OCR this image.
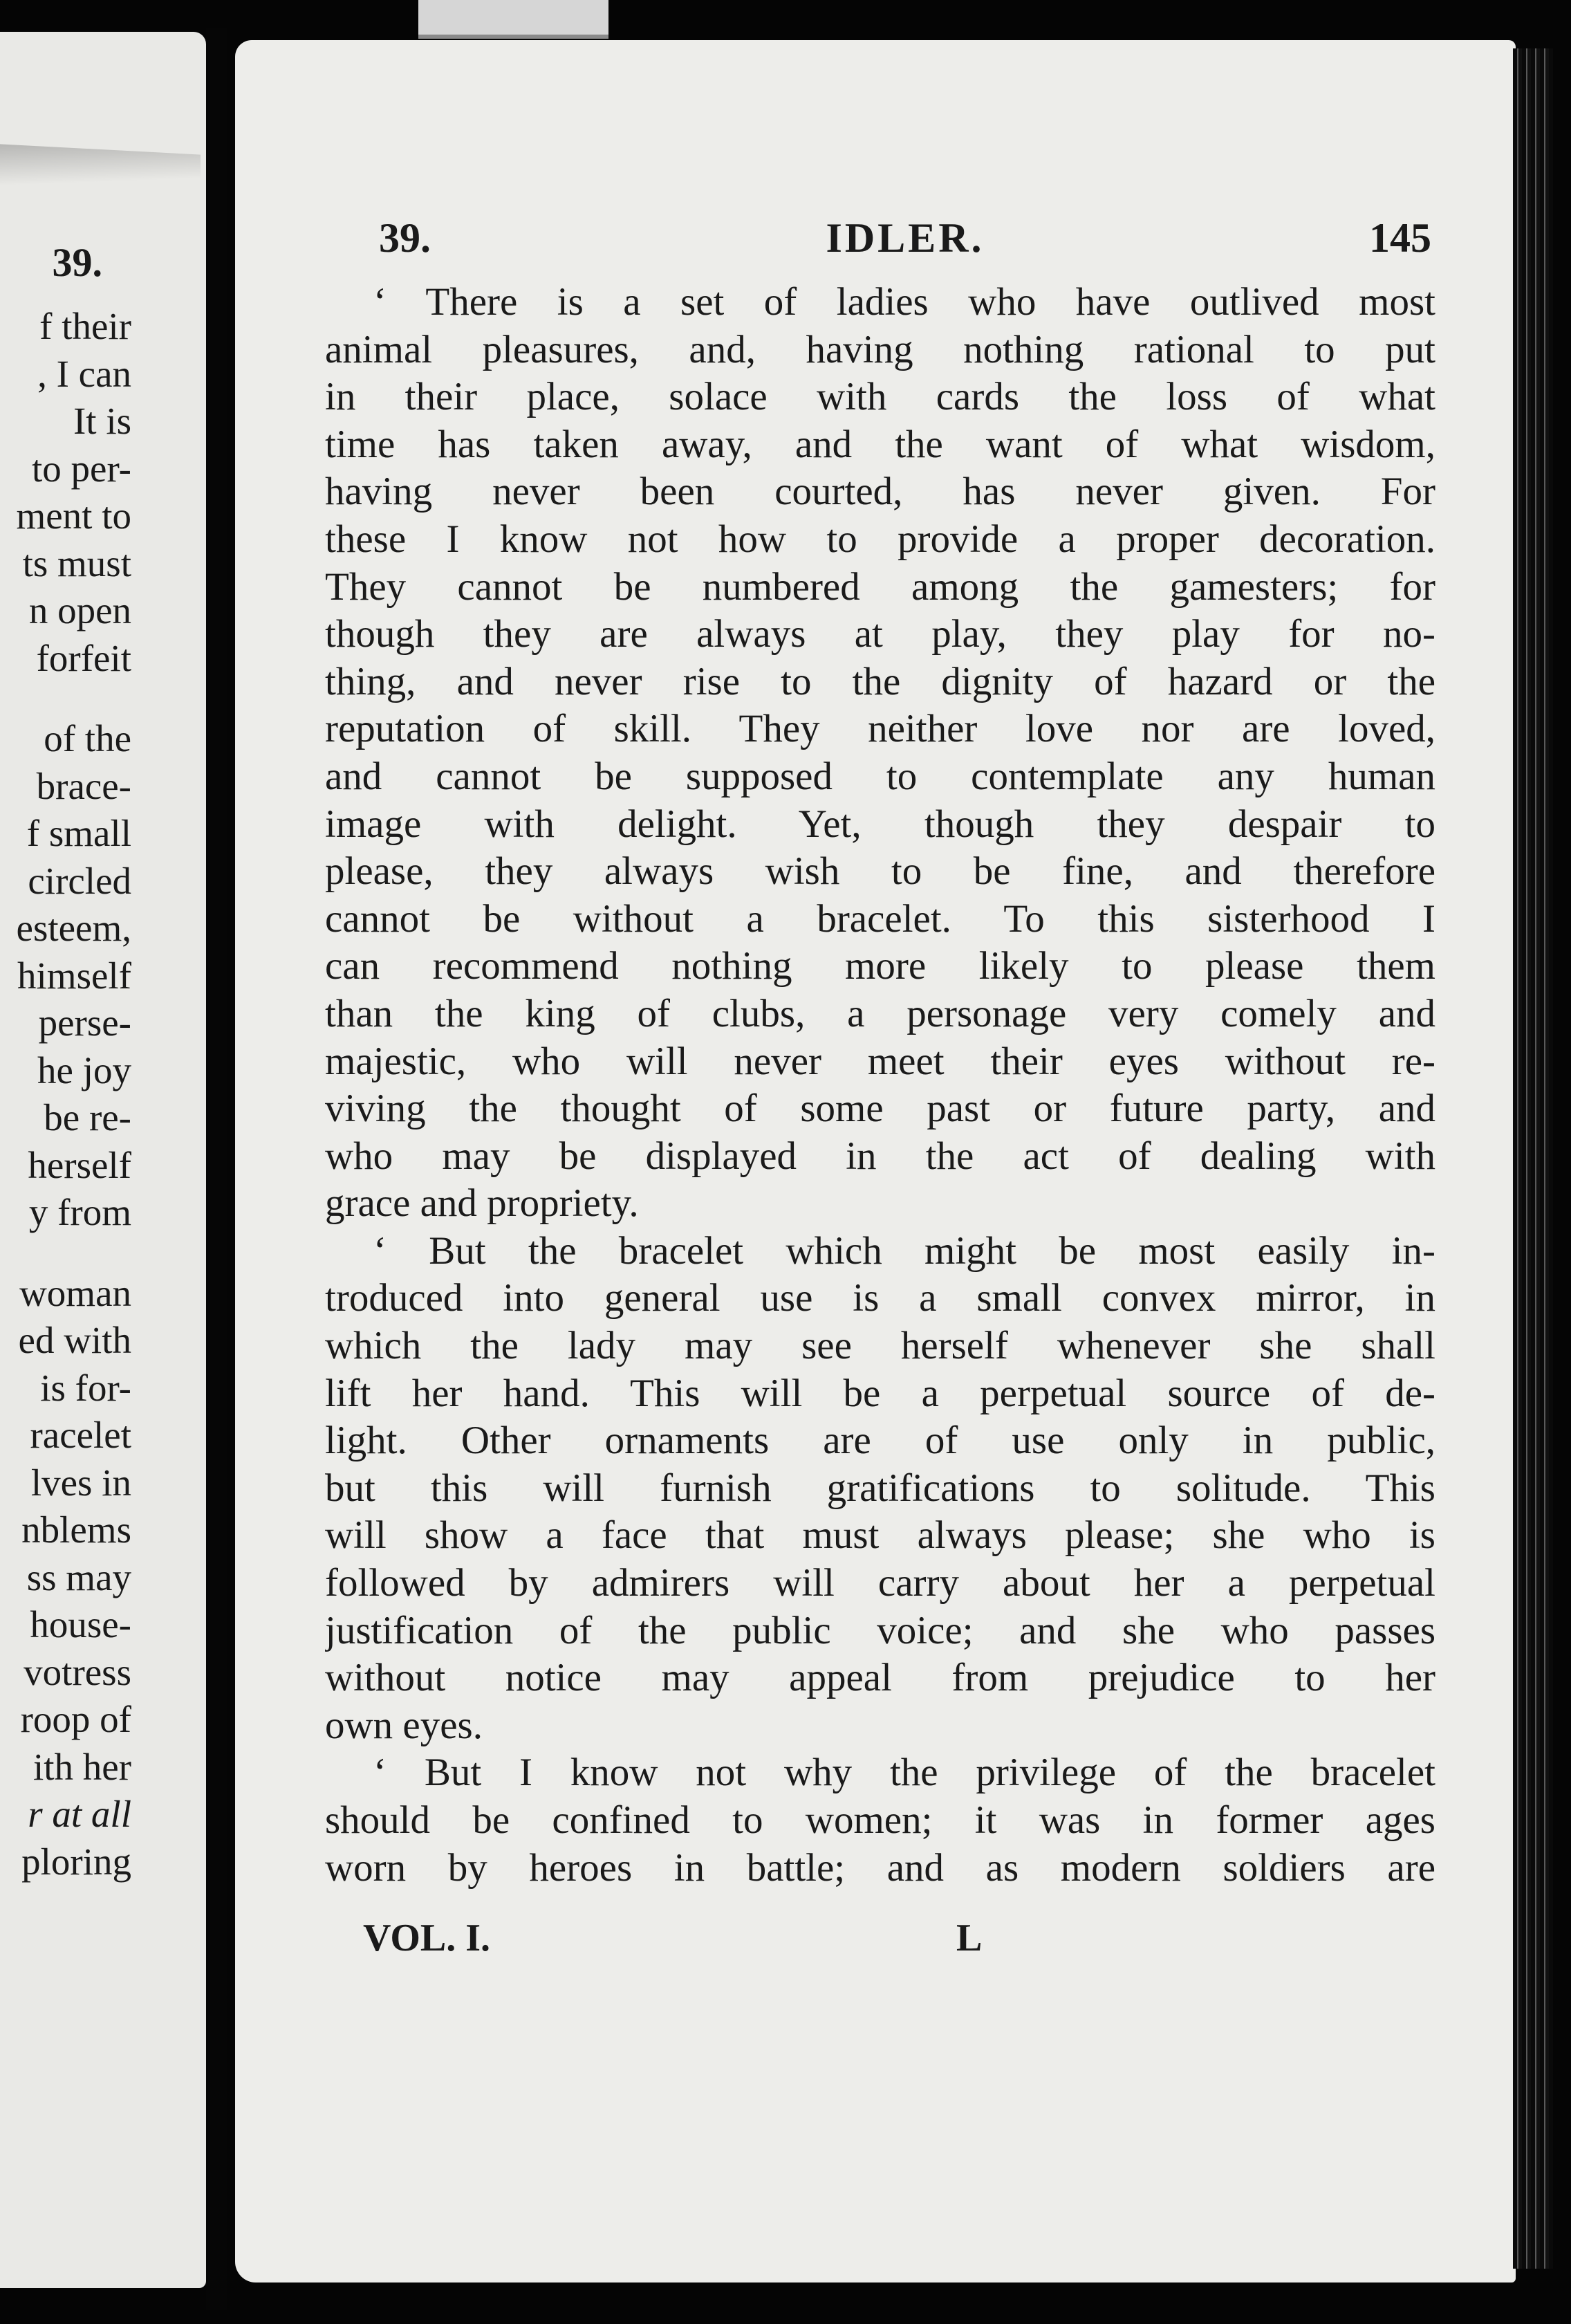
39.
f their
, I can
It is
to per-
ment to
ts must
n open
forfeit
of the
brace-
f small
circled
esteem,
himself
perse-
he joy
be re-
herself
y from
woman
ed with
is for-
racelet
lves in
nblems
ss may
house-
votress
roop of
ith her
r at all
ploring
39.	IDLER.	145
‘ There is a set of ladies who have outlived most
animal pleasures, and, having nothing rational to put
in their place, solace with cards the loss of what
time has taken away, and the want of what wisdom,
having never been courted, has never given. For
these I know not how to provide a proper decoration.
They cannot be numbered among the gamesters; for
though they are always at play, they play for no-
thing, and never rise to the dignity of hazard or the
reputation of skill. They neither love nor are loved,
and cannot be supposed to contemplate any human
image with delight. Yet, though they despair to
please, they always wish to be fine, and therefore
cannot be without a bracelet. To this sisterhood I
can recommend nothing more likely to please them
than the king of clubs, a personage very comely and
majestic, who will never meet their eyes without re-
viving the thought of some past or future party, and
who may be displayed in the act of dealing with
grace and propriety.
‘ But the bracelet which might be most easily in-
troduced into general use is a small convex mirror, in
which the lady may see herself whenever she shall
lift her hand. This will be a perpetual source of de-
light. Other ornaments are of use only in public,
but this will furnish gratifications to solitude. This
will show a face that must always please; she who is
followed by admirers will carry about her a perpetual
justification of the public voice; and she who passes
without notice may appeal from prejudice to her
own eyes.
‘ But I know not why the privilege of the bracelet
should be confined to women; it was in former ages
worn by heroes in battle; and as modern soldiers are
VOL. I.	L
